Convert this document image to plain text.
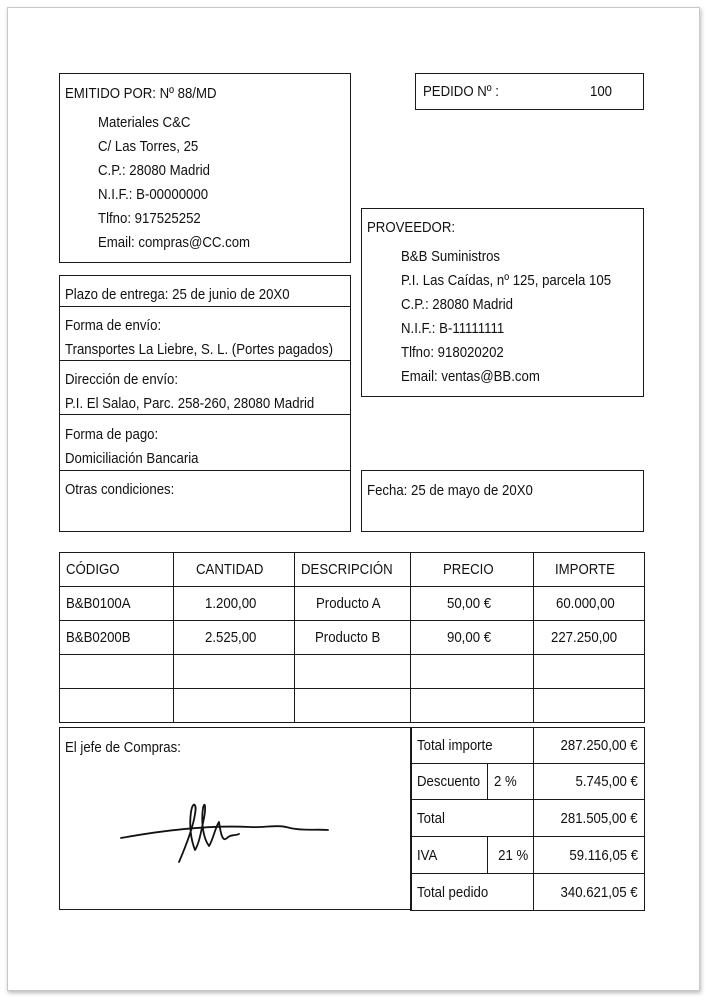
EMITIDO POR: Nº 88/MD
Materiales C&C
C/ Las Torres, 25
C.P.: 28080 Madrid
N.I.F.: B-00000000
Tlfno: 917525252
Email: compras@CC.com
PEDIDO Nº :	100
PROVEEDOR:
B&B Suministros
P.I. Las Caídas, nº 125, parcela 105
C.P.: 28080 Madrid
N.I.F.: B-11111111
Tlfno: 918020202
Email: ventas@BB.com
Plazo de entrega: 25 de junio de 20X0
Forma de envío:
Transportes La Liebre, S. L. (Portes pagados)
Dirección de envío:
P.I. El Salao, Parc. 258-260, 28080 Madrid
Forma de pago:
Domiciliación Bancaria
Otras condiciones:	Fecha: 25 de mayo de 20X0
CÓDIGO	CANTIDAD	DESCRIPCIÓN	PRECIO	IMPORTE
B&B0100A	1.200,00	Producto A	50,00 €	60.000,00
B&B0200B	2.525,00	Producto B	90,00 €	227.250,00

El jefe de Compras:	Total importe		287.250,00 €
Descuento	2 %	5.745,00 €
Total		281.505,00 €
IVA	21 %	59.116,05 €
Total pedido		340.621,05 €
